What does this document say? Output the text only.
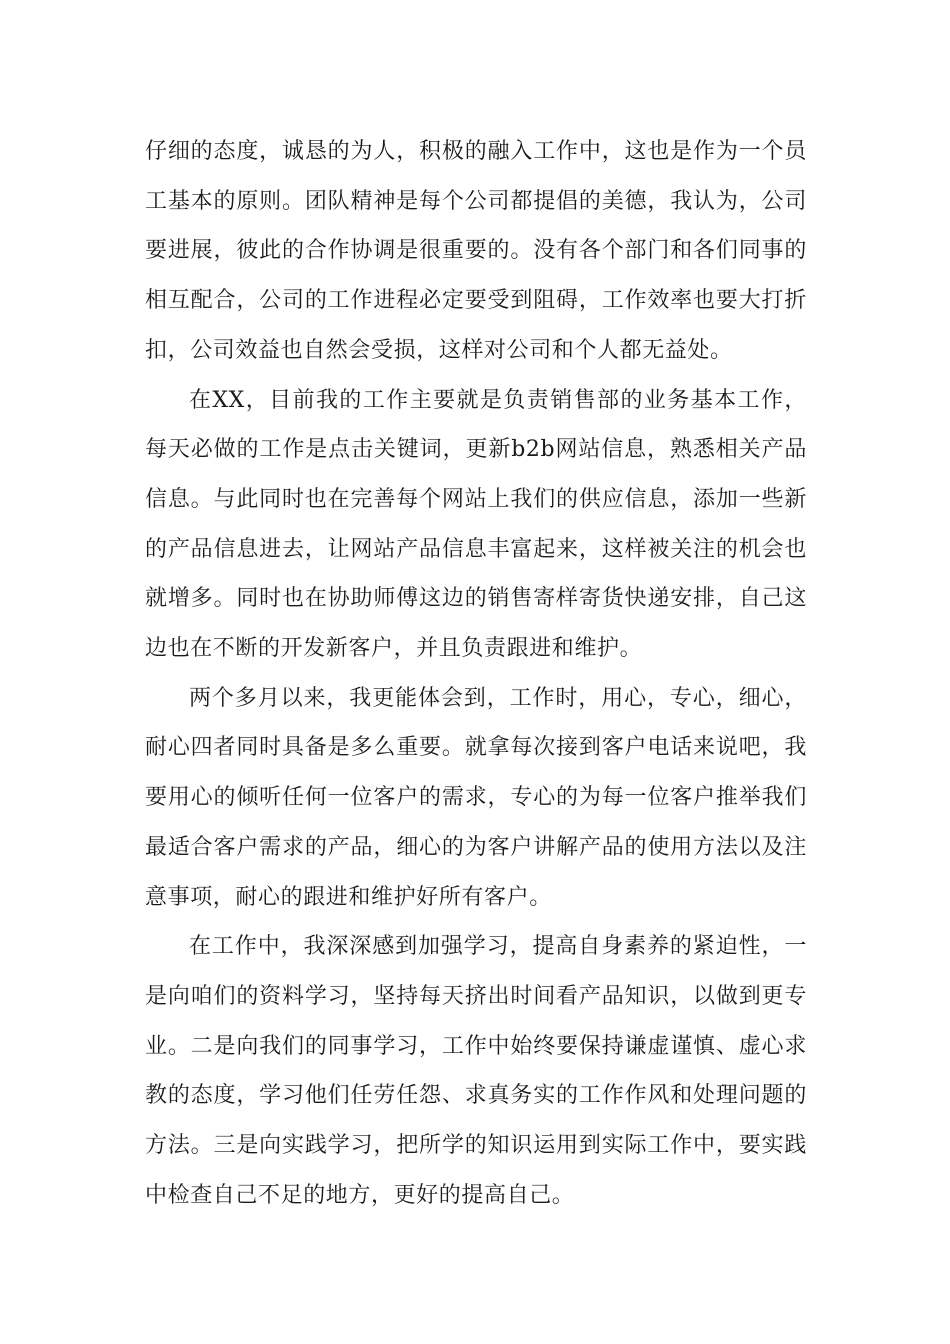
仔细的态度，诚恳的为人，积极的融入工作中，这也是作为一个员工基本的原则。团队精神是每个公司都提倡的美德，我认为，公司要进展，彼此的合作协调是很重要的。没有各个部门和各们同事的相互配合，公司的工作进程必定要受到阻碍，工作效率也要大打折扣，公司效益也自然会受损，这样对公司和个人都无益处。

在XX，目前我的工作主要就是负责销售部的业务基本工作，每天必做的工作是点击关键词，更新b2b网站信息，熟悉相关产品信息。与此同时也在完善每个网站上我们的供应信息，添加一些新的产品信息进去，让网站产品信息丰富起来，这样被关注的机会也就增多。同时也在协助师傅这边的销售寄样寄货快递安排，自己这边也在不断的开发新客户，并且负责跟进和维护。

两个多月以来，我更能体会到，工作时，用心，专心，细心，耐心四者同时具备是多么重要。就拿每次接到客户电话来说吧，我要用心的倾听任何一位客户的需求，专心的为每一位客户推举我们最适合客户需求的产品，细心的为客户讲解产品的使用方法以及注意事项，耐心的跟进和维护好所有客户。

在工作中，我深深感到加强学习，提高自身素养的紧迫性，一是向咱们的资料学习，坚持每天挤出时间看产品知识，以做到更专业。二是向我们的同事学习，工作中始终要保持谦虚谨慎、虚心求教的态度，学习他们任劳任怨、求真务实的工作作风和处理问题的方法。三是向实践学习，把所学的知识运用到实际工作中，要实践中检查自己不足的地方，更好的提高自己。
